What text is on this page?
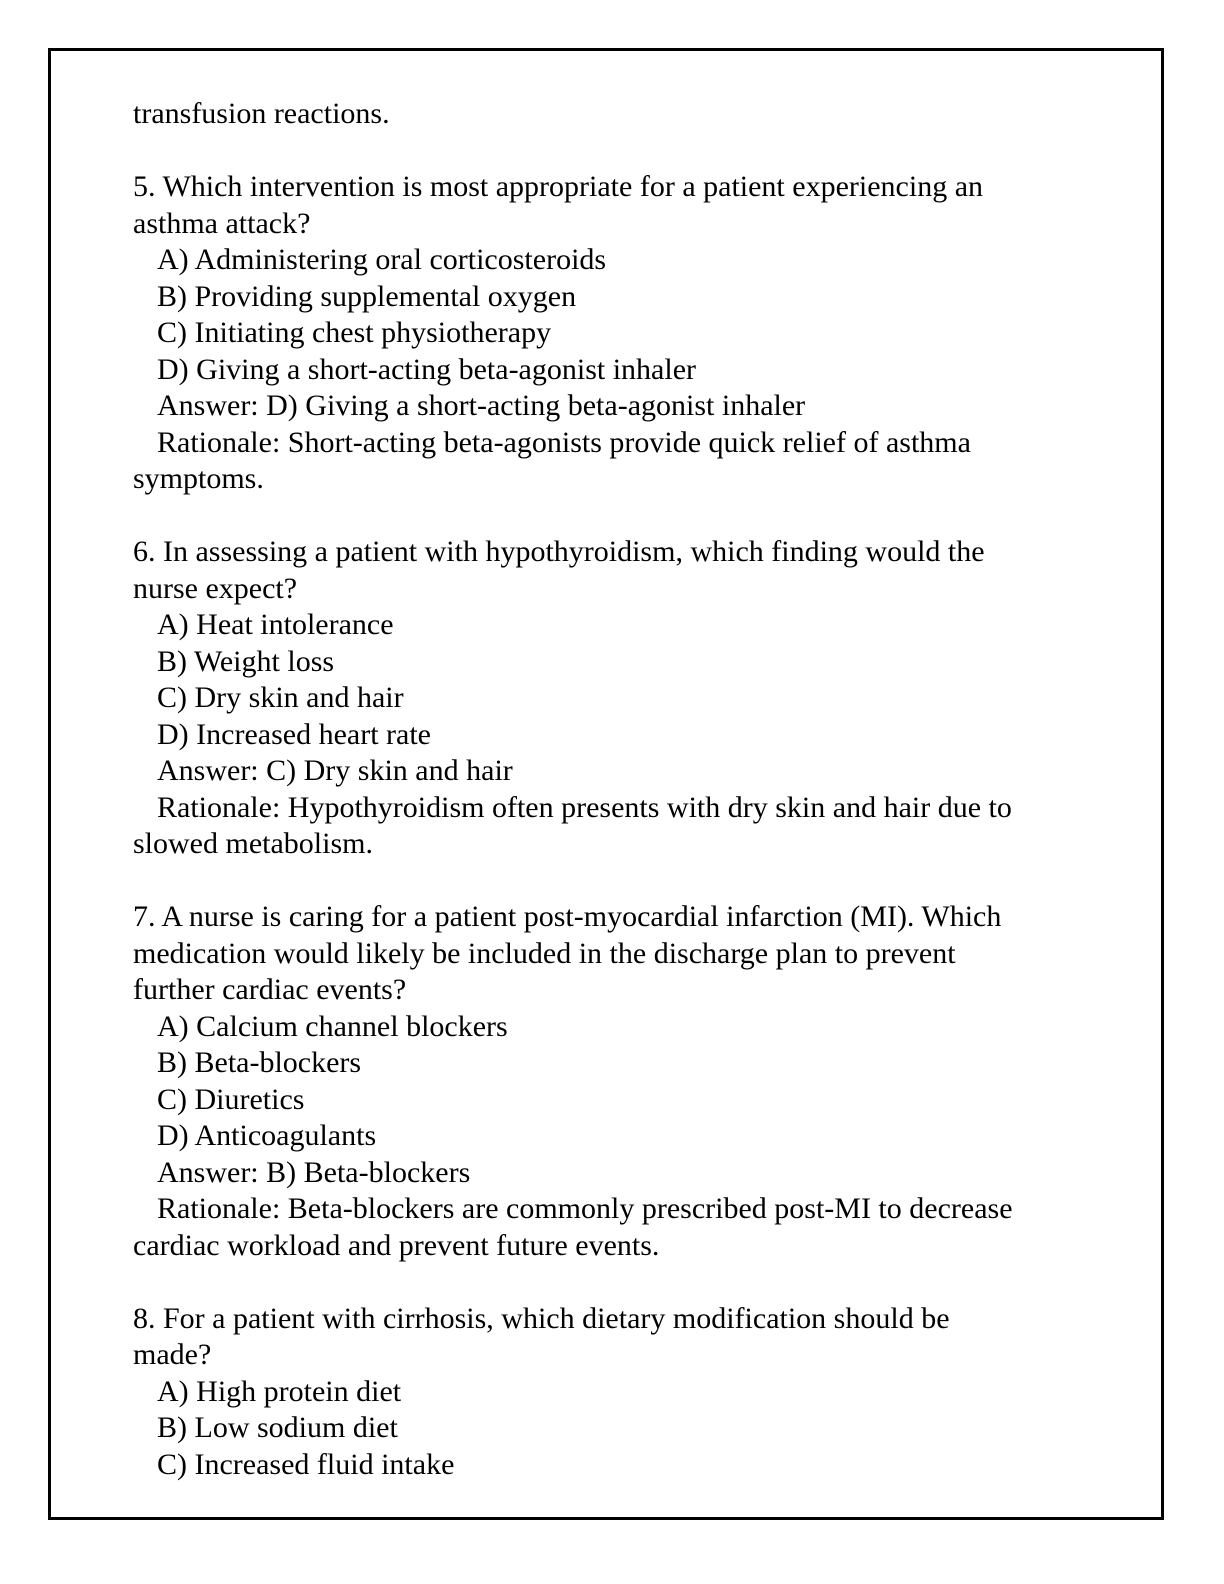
transfusion reactions.
5. Which intervention is most appropriate for a patient experiencing an
asthma attack?
A) Administering oral corticosteroids
B) Providing supplemental oxygen
C) Initiating chest physiotherapy
D) Giving a short-acting beta-agonist inhaler
Answer: D) Giving a short-acting beta-agonist inhaler
Rationale: Short-acting beta-agonists provide quick relief of asthma
symptoms.
6. In assessing a patient with hypothyroidism, which finding would the
nurse expect?
A) Heat intolerance
B) Weight loss
C) Dry skin and hair
D) Increased heart rate
Answer: C) Dry skin and hair
Rationale: Hypothyroidism often presents with dry skin and hair due to
slowed metabolism.
7. A nurse is caring for a patient post-myocardial infarction (MI). Which
medication would likely be included in the discharge plan to prevent
further cardiac events?
A) Calcium channel blockers
B) Beta-blockers
C) Diuretics
D) Anticoagulants
Answer: B) Beta-blockers
Rationale: Beta-blockers are commonly prescribed post-MI to decrease
cardiac workload and prevent future events.
8. For a patient with cirrhosis, which dietary modification should be
made?
A) High protein diet
B) Low sodium diet
C) Increased fluid intake
